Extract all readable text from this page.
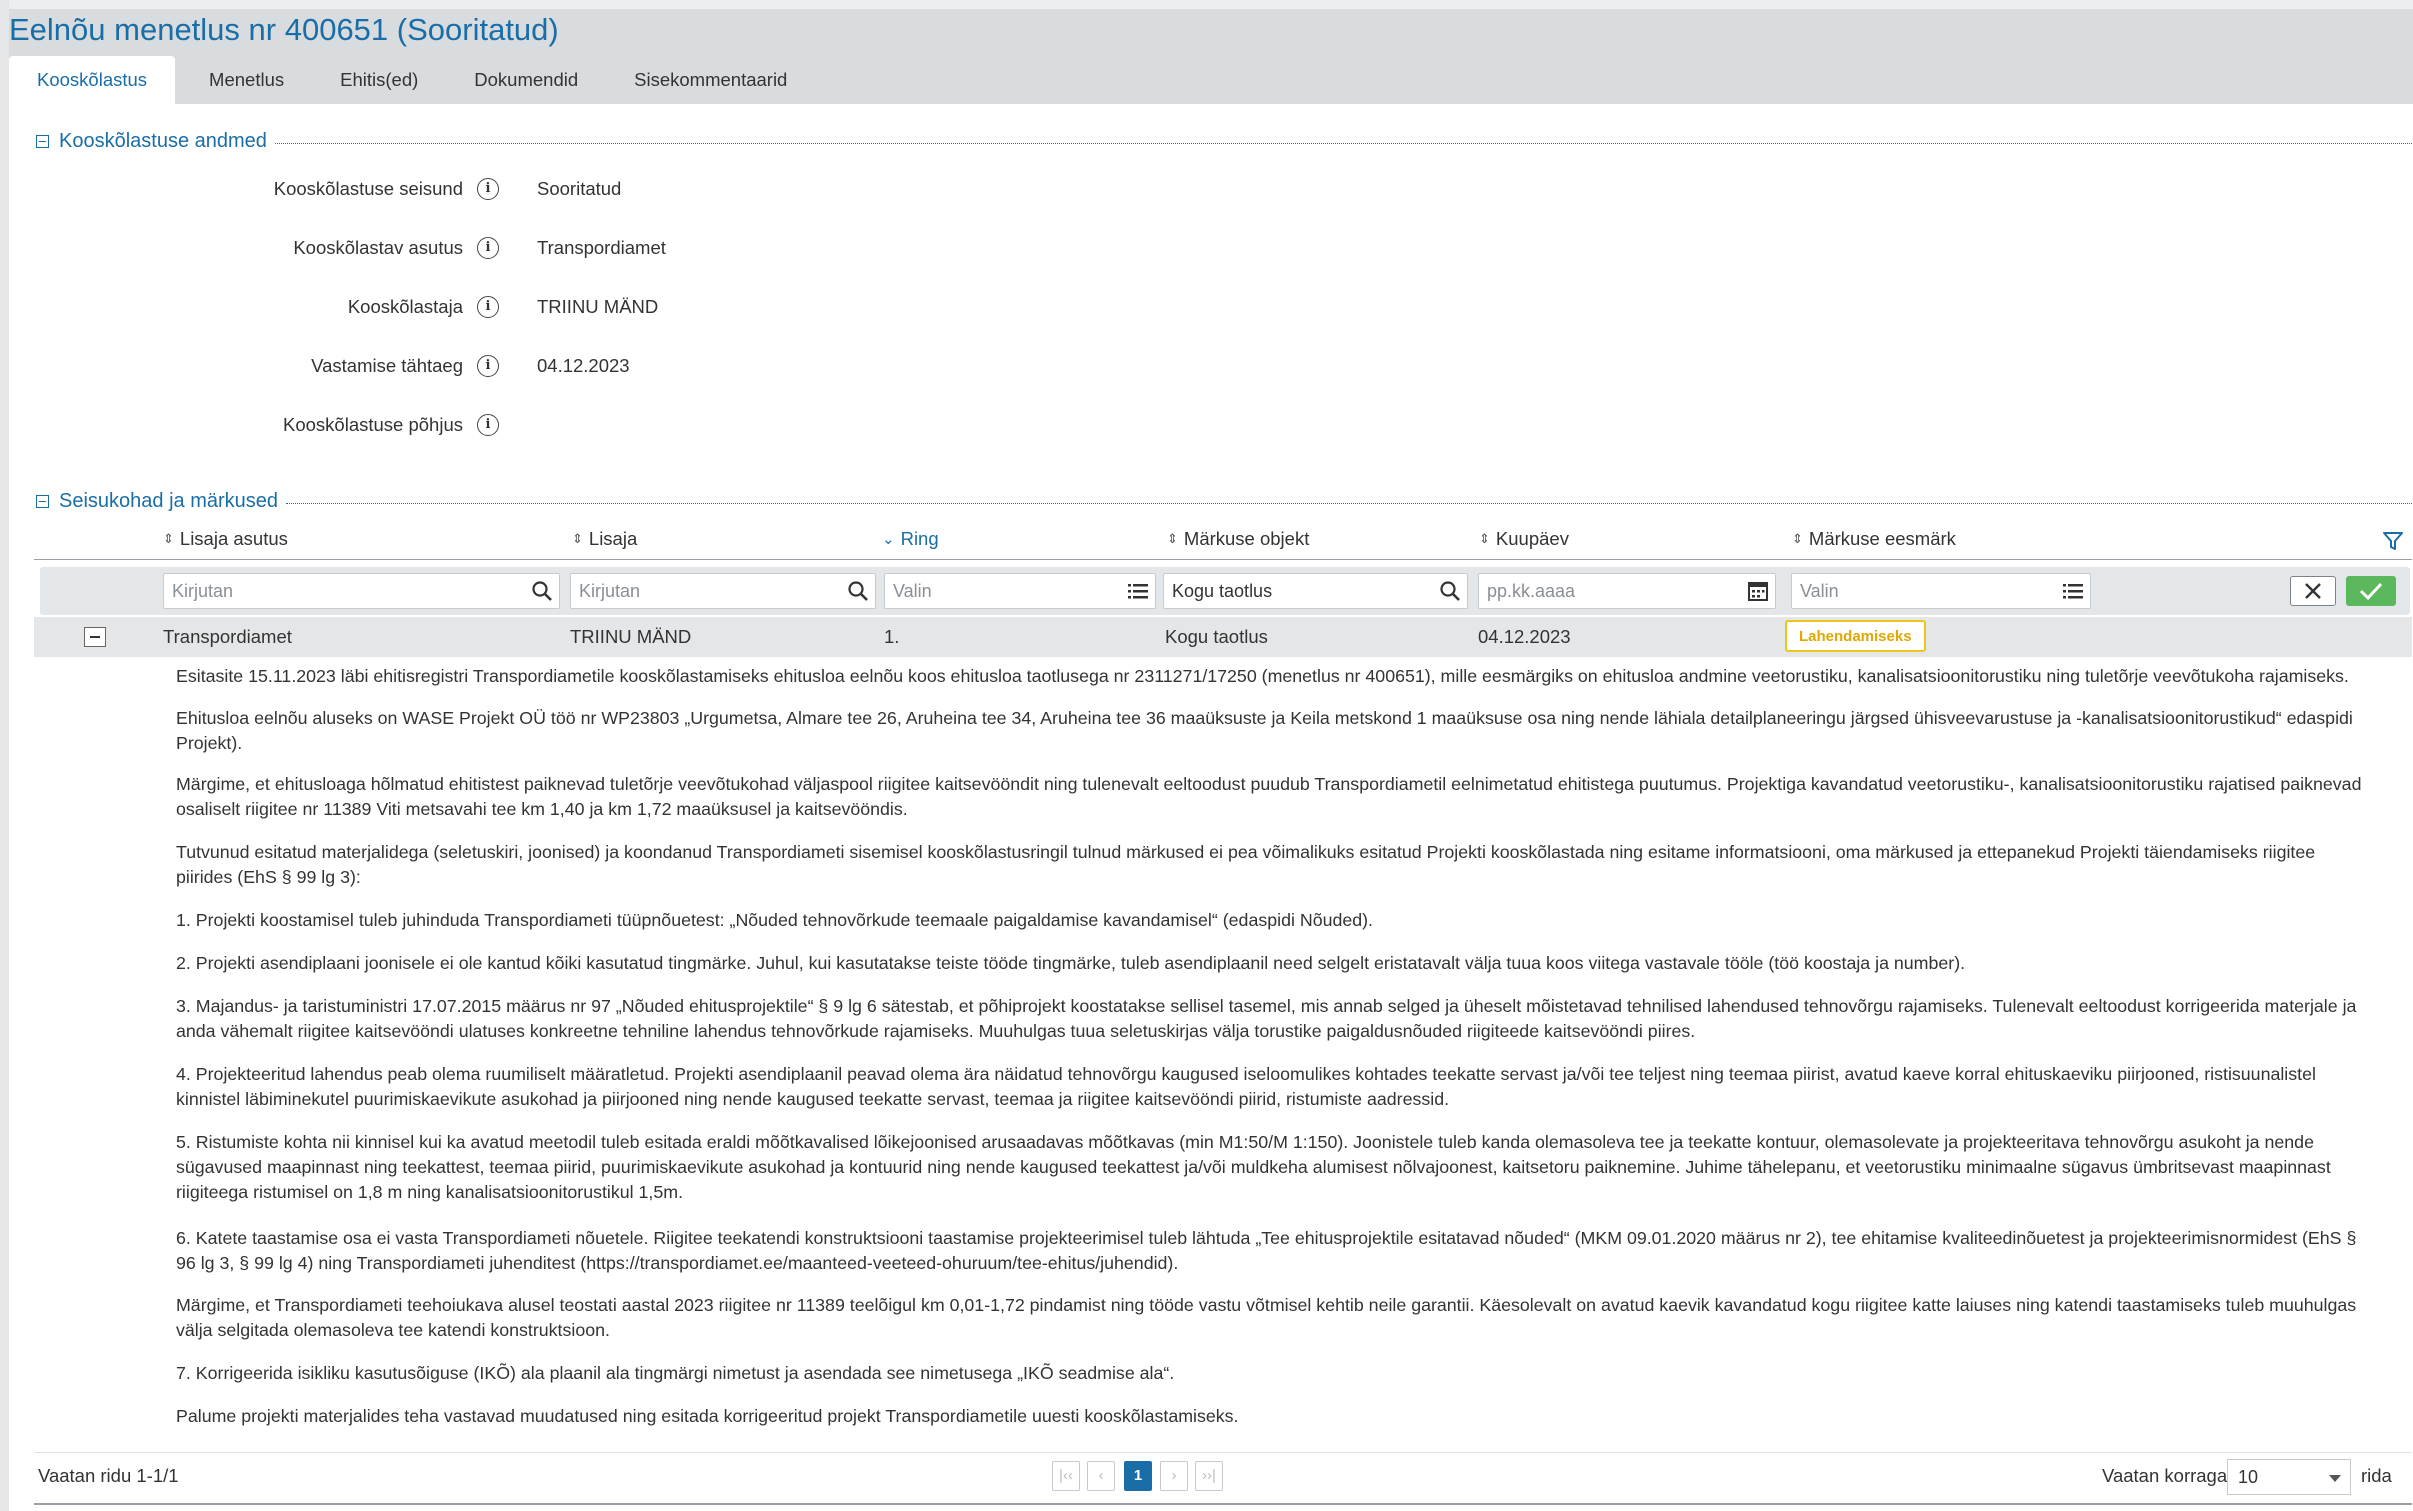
Eelnõu menetlus nr 400651 (Sooritatud)
Kooskõlastus	Menetlus	Ehitis(ed)	Dokumendid	Sisekommentaarid
Kooskõlastuse andmed
Kooskõlastuse seisund	i	Sooritatud
Kooskõlastav asutus	i	Transpordiamet
Kooskõlastaja	i	TRIINU MÄND
Vastamise tähtaeg	i	04.12.2023
Kooskõlastuse põhjus	i
Seisukohad ja märkused
⇕ Lisaja asutus	⇕ Lisaja	⌄ Ring	⇕ Märkuse objekt	⇕ Kuupäev	⇕ Märkuse eesmärk
Kirjutan	Kirjutan	Valin	Kogu taotlus	pp.kk.aaaa	Valin
Transpordiamet	TRIINU MÄND	1.	Kogu taotlus	04.12.2023	Lahendamiseks

Esitasite 15.11.2023 läbi ehitisregistri Transpordiametile kooskõlastamiseks ehitusloa eelnõu koos ehitusloa taotlusega nr 2311271/17250 (menetlus nr 400651), mille eesmärgiks on ehitusloa andmine veetorustiku, kanalisatsioonitorustiku ning tuletõrje veevõtukoha rajamiseks.

Ehitusloa eelnõu aluseks on WASE Projekt OÜ töö nr WP23803 „Urgumetsa, Almare tee 26, Aruheina tee 34, Aruheina tee 36 maaüksuste ja Keila metskond 1 maaüksuse osa ning nende lähiala detailplaneeringu järgsed ühisveevarustuse ja -kanalisatsioonitorustikud“ edaspidi Projekt).

Märgime, et ehitusloaga hõlmatud ehitistest paiknevad tuletõrje veevõtukohad väljaspool riigitee kaitsevööndit ning tulenevalt eeltoodust puudub Transpordiametil eelnimetatud ehitistega puutumus. Projektiga kavandatud veetorustiku-, kanalisatsioonitorustiku rajatised paiknevad osaliselt riigitee nr 11389 Viti metsavahi tee km 1,40 ja km 1,72 maaüksusel ja kaitsevööndis.

Tutvunud esitatud materjalidega (seletuskiri, joonised) ja koondanud Transpordiameti sisemisel kooskõlastusringil tulnud märkused ei pea võimalikuks esitatud Projekti kooskõlastada ning esitame informatsiooni, oma märkused ja ettepanekud Projekti täiendamiseks riigitee piirides (EhS § 99 lg 3):

1. Projekti koostamisel tuleb juhinduda Transpordiameti tüüpnõuetest: „Nõuded tehnovõrkude teemaale paigaldamise kavandamisel“ (edaspidi Nõuded).

2. Projekti asendiplaani joonisele ei ole kantud kõiki kasutatud tingmärke. Juhul, kui kasutatakse teiste tööde tingmärke, tuleb asendiplaanil need selgelt eristatavalt välja tuua koos viitega vastavale tööle (töö koostaja ja number).

3. Majandus- ja taristuministri 17.07.2015 määrus nr 97 „Nõuded ehitusprojektile“ § 9 lg 6 sätestab, et põhiprojekt koostatakse sellisel tasemel, mis annab selged ja üheselt mõistetavad tehnilised lahendused tehnovõrgu rajamiseks. Tulenevalt eeltoodust korrigeerida materjale ja anda vähemalt riigitee kaitsevööndi ulatuses konkreetne tehniline lahendus tehnovõrkude rajamiseks. Muuhulgas tuua seletuskirjas välja torustike paigaldusnõuded riigiteede kaitsevööndi piires.

4. Projekteeritud lahendus peab olema ruumiliselt määratletud. Projekti asendiplaanil peavad olema ära näidatud tehnovõrgu kaugused iseloomulikes kohtades teekatte servast ja/või tee teljest ning teemaa piirist, avatud kaeve korral ehituskaeviku piirjooned, ristisuunalistel kinnistel läbiminekutel puurimiskaevikute asukohad ja piirjooned ning nende kaugused teekatte servast, teemaa ja riigitee kaitsevööndi piirid, ristumiste aadressid.

5. Ristumiste kohta nii kinnisel kui ka avatud meetodil tuleb esitada eraldi mõõtkavalised lõikejoonised arusaadavas mõõtkavas (min M1:50/M 1:150). Joonistele tuleb kanda olemasoleva tee ja teekatte kontuur, olemasolevate ja projekteeritava tehnovõrgu asukoht ja nende sügavused maapinnast ning teekattest, teemaa piirid, puurimiskaevikute asukohad ja kontuurid ning nende kaugused teekattest ja/või muldkeha alumisest nõlvajoonest, kaitsetoru paiknemine. Juhime tähelepanu, et veetorustiku minimaalne sügavus ümbritsevast maapinnast riigiteega ristumisel on 1,8 m ning kanalisatsioonitorustikul 1,5m.

6. Katete taastamise osa ei vasta Transpordiameti nõuetele. Riigitee teekatendi konstruktsiooni taastamise projekteerimisel tuleb lähtuda „Tee ehitusprojektile esitatavad nõuded“ (MKM 09.01.2020 määrus nr 2), tee ehitamise kvaliteedinõuetest ja projekteerimisnormidest (EhS § 96 lg 3, § 99 lg 4) ning Transpordiameti juhenditest (https://transpordiamet.ee/maanteed-veeteed-ohuruum/tee-ehitus/juhendid).

Märgime, et Transpordiameti teehoiukava alusel teostati aastal 2023 riigitee nr 11389 teelõigul km 0,01-1,72 pindamist ning tööde vastu võtmisel kehtib neile garantii. Käesolevalt on avatud kaevik kavandatud kogu riigitee katte laiuses ning katendi taastamiseks tuleb muuhulgas välja selgitada olemasoleva tee katendi konstruktsioon.

7. Korrigeerida isikliku kasutusõiguse (IKÕ) ala plaanil ala tingmärgi nimetust ja asendada see nimetusega „IKÕ seadmise ala“.

Palume projekti materjalides teha vastavad muudatused ning esitada korrigeeritud projekt Transpordiametile uuesti kooskõlastamiseks.

Vaatan ridu 1-1/1	|‹‹	‹	1	›	››|	Vaatan korraga 10	rida
